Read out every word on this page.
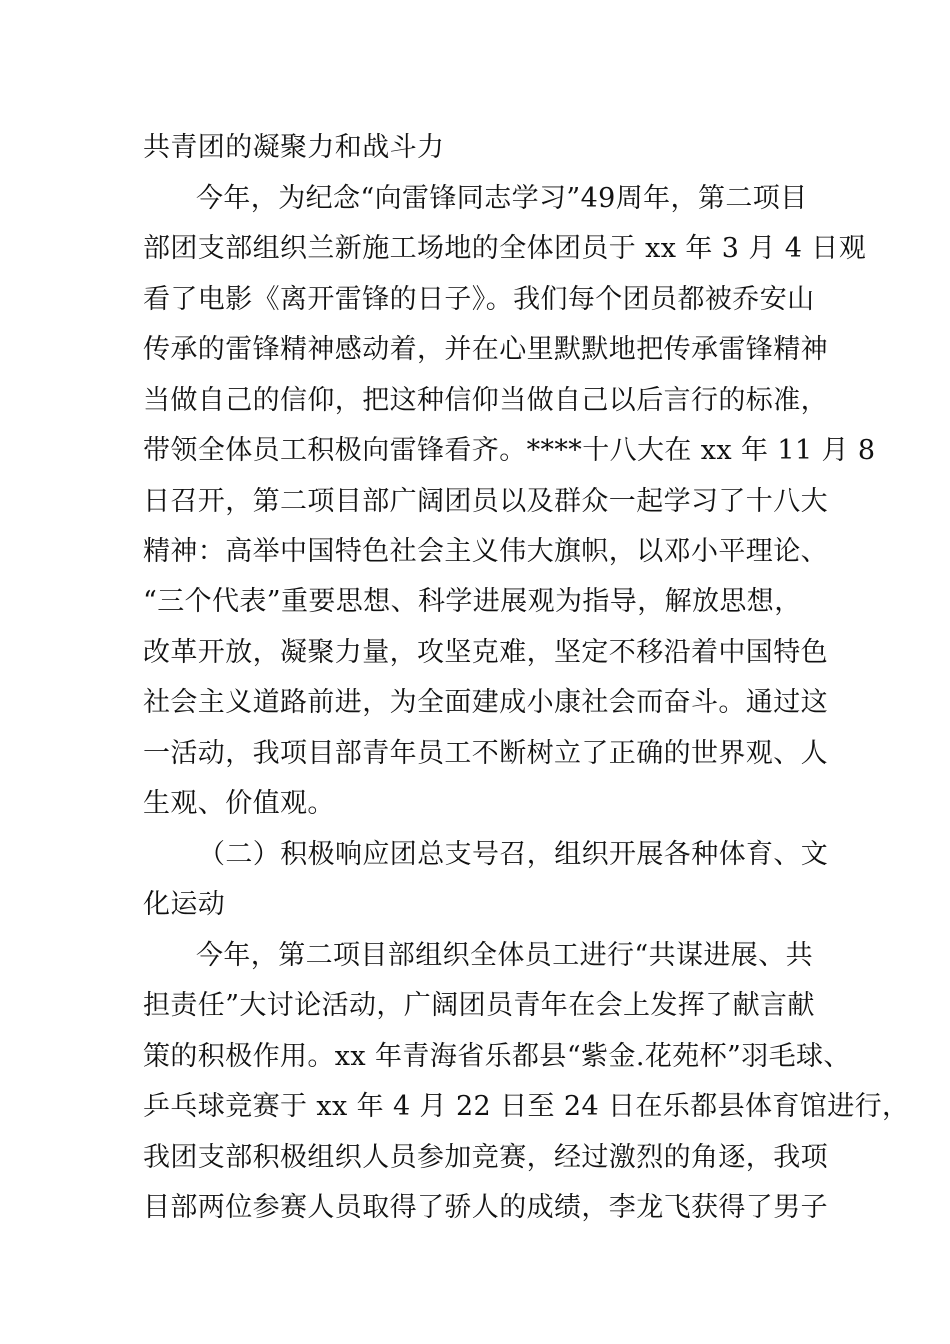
共青团的凝聚力和战斗力

今年，为纪念“向雷锋同志学习”49周年，第二项目

部团支部组织兰新施工场地的全体团员于 xx 年 3 月 4 日观

看了电影《离开雷锋的日子》。我们每个团员都被乔安山

传承的雷锋精神感动着，并在心里默默地把传承雷锋精神

当做自己的信仰，把这种信仰当做自己以后言行的标准，

带领全体员工积极向雷锋看齐。****十八大在 xx 年 11 月 8

日召开，第二项目部广阔团员以及群众一起学习了十八大

精神：高举中国特色社会主义伟大旗帜，以邓小平理论、

“三个代表”重要思想、科学进展观为指导，解放思想，

改革开放，凝聚力量，攻坚克难，坚定不移沿着中国特色

社会主义道路前进，为全面建成小康社会而奋斗。通过这

一活动，我项目部青年员工不断树立了正确的世界观、人

生观、价值观。

（二）积极响应团总支号召，组织开展各种体育、文

化运动

今年，第二项目部组织全体员工进行“共谋进展、共

担责任”大讨论活动，广阔团员青年在会上发挥了献言献

策的积极作用。xx 年青海省乐都县“紫金.花苑杯”羽毛球、

乒乓球竞赛于 xx 年 4 月 22 日至 24 日在乐都县体育馆进行，

我团支部积极组织人员参加竞赛，经过激烈的角逐，我项

目部两位参赛人员取得了骄人的成绩，李龙飞获得了男子
